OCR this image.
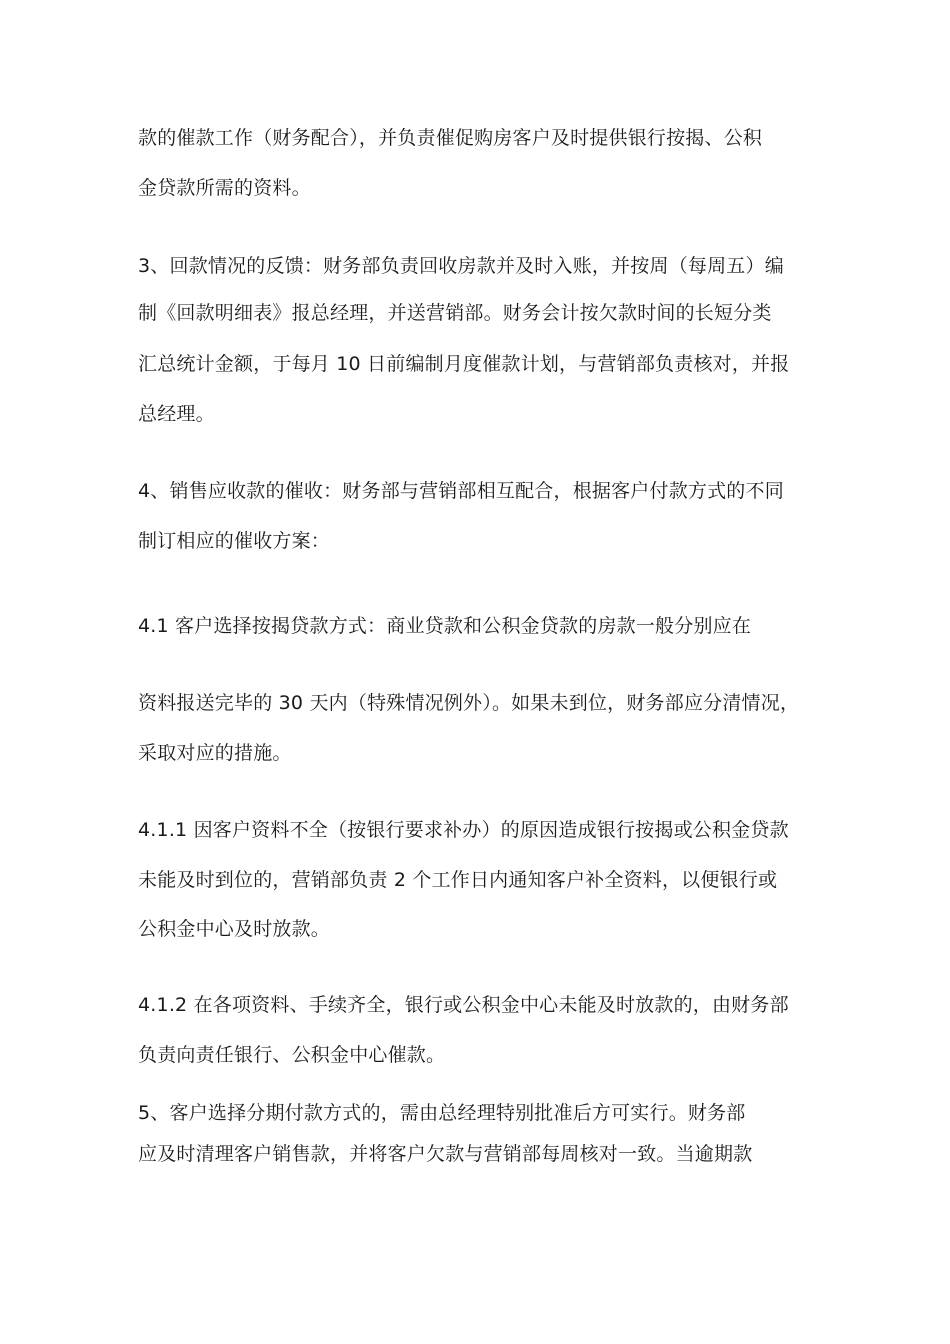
款的催款工作（财务配合），并负责催促购房客户及时提供银行按揭、公积
金贷款所需的资料。
3、回款情况的反馈：财务部负责回收房款并及时入账，并按周（每周五）编
制《回款明细表》报总经理，并送营销部。财务会计按欠款时间的长短分类
汇总统计金额，于每月 10 日前编制月度催款计划，与营销部负责核对，并报
总经理。
4、销售应收款的催收：财务部与营销部相互配合，根据客户付款方式的不同
制订相应的催收方案：
4.1 客户选择按揭贷款方式：商业贷款和公积金贷款的房款一般分别应在
资料报送完毕的 30 天内（特殊情况例外）。如果未到位，财务部应分清情况，
采取对应的措施。
4.1.1 因客户资料不全（按银行要求补办）的原因造成银行按揭或公积金贷款
未能及时到位的，营销部负责 2 个工作日内通知客户补全资料，以便银行或
公积金中心及时放款。
4.1.2 在各项资料、手续齐全，银行或公积金中心未能及时放款的，由财务部
负责向责任银行、公积金中心催款。
5、客户选择分期付款方式的，需由总经理特别批准后方可实行。财务部
应及时清理客户销售款，并将客户欠款与营销部每周核对一致。当逾期款
